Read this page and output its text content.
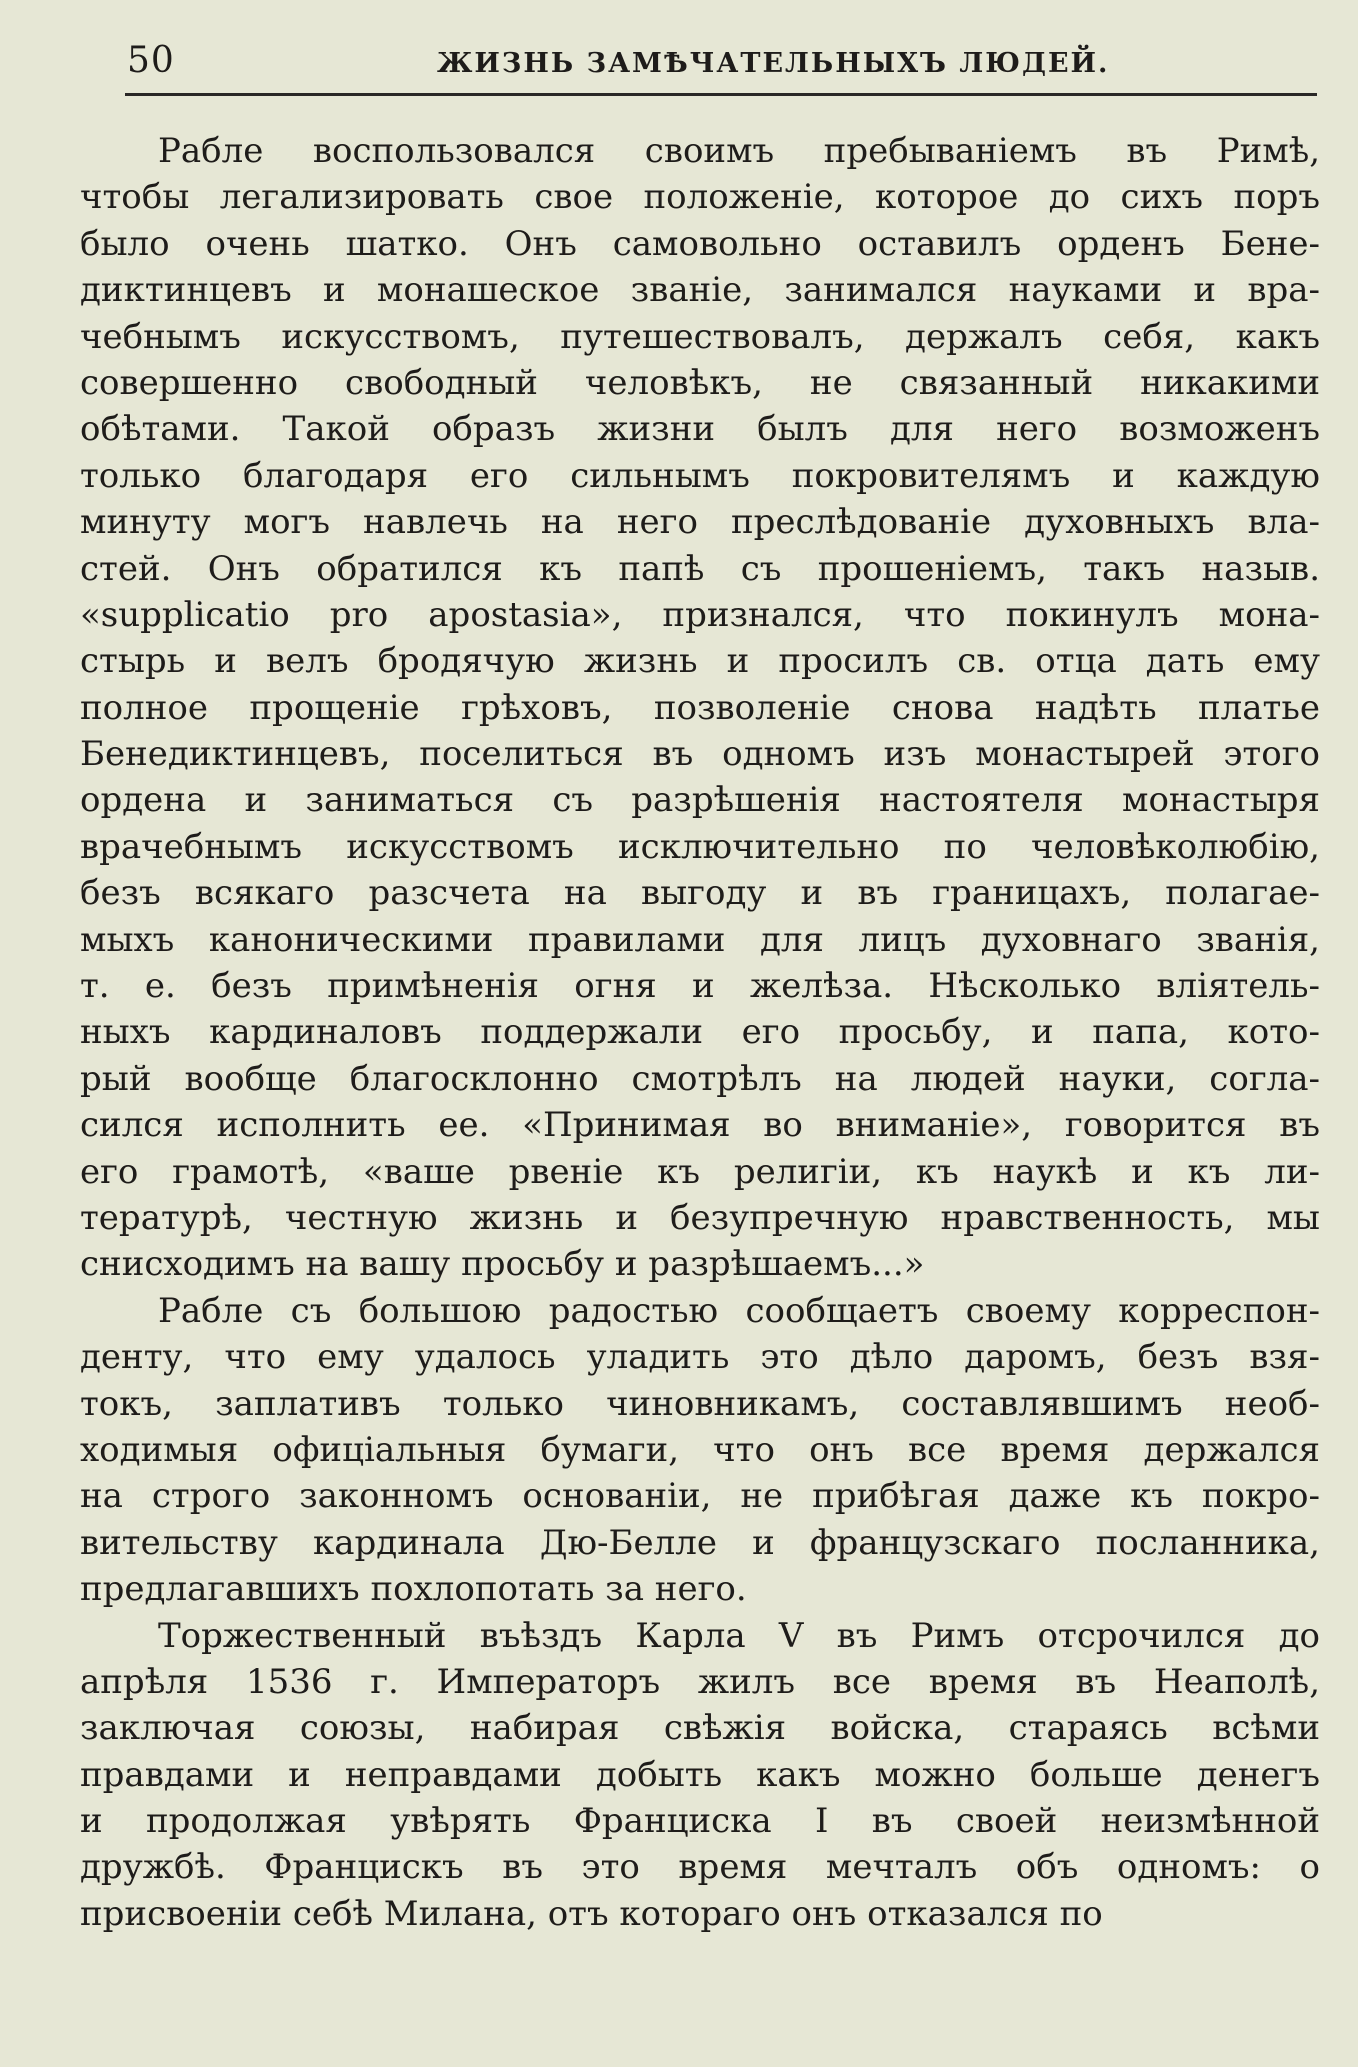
50	ЖИЗНЬ ЗАМѢЧАТЕЛЬНЫХЪ ЛЮДЕЙ.
Рабле воспользовался своимъ пребываніемъ въ Римѣ,
чтобы легализировать свое положеніе, которое до сихъ поръ
было очень шатко. Онъ самовольно оставилъ орденъ Бене-
диктинцевъ и монашеское званіе, занимался науками и вра-
чебнымъ искусствомъ, путешествовалъ, держалъ себя, какъ
совершенно свободный человѣкъ, не связанный никакими
обѣтами. Такой образъ жизни былъ для него возможенъ
только благодаря его сильнымъ покровителямъ и каждую
минуту могъ навлечь на него преслѣдованіе духовныхъ вла-
стей. Онъ обратился къ папѣ съ прошеніемъ, такъ назыв.
«supplicatio pro apostasia», признался, что покинулъ мона-
стырь и велъ бродячую жизнь и просилъ св. отца дать ему
полное прощеніе грѣховъ, позволеніе снова надѣть платье
Бенедиктинцевъ, поселиться въ одномъ изъ монастырей этого
ордена и заниматься съ разрѣшенія настоятеля монастыря
врачебнымъ искусствомъ исключительно по человѣколюбію,
безъ всякаго разсчета на выгоду и въ границахъ, полагае-
мыхъ каноническими правилами для лицъ духовнаго званія,
т. е. безъ примѣненія огня и желѣза. Нѣсколько вліятель-
ныхъ кардиналовъ поддержали его просьбу, и папа, кото-
рый вообще благосклонно смотрѣлъ на людей науки, согла-
сился исполнить ее. «Принимая во вниманіе», говорится въ
его грамотѣ, «ваше рвеніе къ религіи, къ наукѣ и къ ли-
тературѣ, честную жизнь и безупречную нравственность, мы
снисходимъ на вашу просьбу и разрѣшаемъ...»
Рабле съ большою радостью сообщаетъ своему корреспон-
денту, что ему удалось уладить это дѣло даромъ, безъ взя-
токъ, заплативъ только чиновникамъ, составлявшимъ необ-
ходимыя офиціальныя бумаги, что онъ все время держался
на строго законномъ основаніи, не прибѣгая даже къ покро-
вительству кардинала Дю-Белле и французскаго посланника,
предлагавшихъ похлопотать за него.
Торжественный въѣздъ Карла V въ Римъ отсрочился до
апрѣля 1536 г. Императоръ жилъ все время въ Неаполѣ,
заключая союзы, набирая свѣжія войска, стараясь всѣми
правдами и неправдами добыть какъ можно больше денегъ
и продолжая увѣрять Франциска I въ своей неизмѣнной
дружбѣ. Францискъ въ это время мечталъ объ одномъ: о
присвоеніи себѣ Милана, отъ котораго онъ отказался по
